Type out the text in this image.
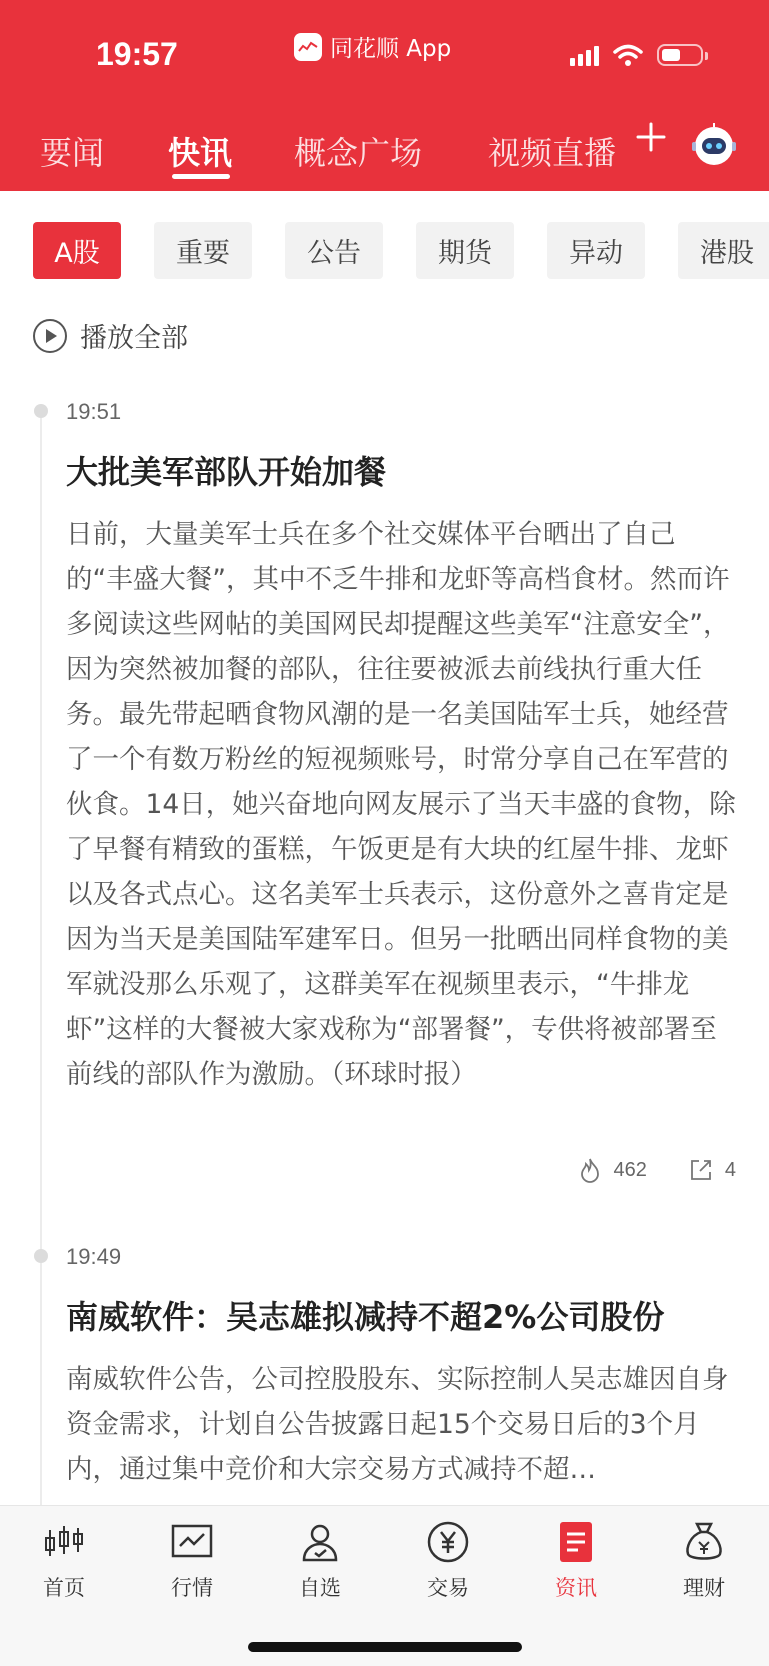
19:57	同花顺 App
要闻 快讯 概念广场 视频直播
A股	重要	公告	期货	异动	港股
播放全部
19:51
大批美军部队开始加餐
日前，大量美军士兵在多个社交媒体平台晒出了自己的“丰盛大餐”，其中不乏牛排和龙虾等高档食材。然而许多阅读这些网帖的美国网民却提醒这些美军“注意安全”，因为突然被加餐的部队，往往要被派去前线执行重大任务。最先带起晒食物风潮的是一名美国陆军士兵，她经营了一个有数万粉丝的短视频账号，时常分享自己在军营的伙食。14日，她兴奋地向网友展示了当天丰盛的食物，除了早餐有精致的蛋糕，午饭更是有大块的红屋牛排、龙虾以及各式点心。这名美军士兵表示，这份意外之喜肯定是因为当天是美国陆军建军日。但另一批晒出同样食物的美军就没那么乐观了，这群美军在视频里表示，“牛排龙虾”这样的大餐被大家戏称为“部署餐”，专供将被部署至前线的部队作为激励。（环球时报）
462	4
19:49
南威软件：吴志雄拟减持不超2%公司股份
南威软件公告，公司控股股东、实际控制人吴志雄因自身资金需求，计划自公告披露日起15个交易日后的3个月内，通过集中竞价和大宗交易方式减持不超…
首页	行情	自选	交易	资讯	理财
